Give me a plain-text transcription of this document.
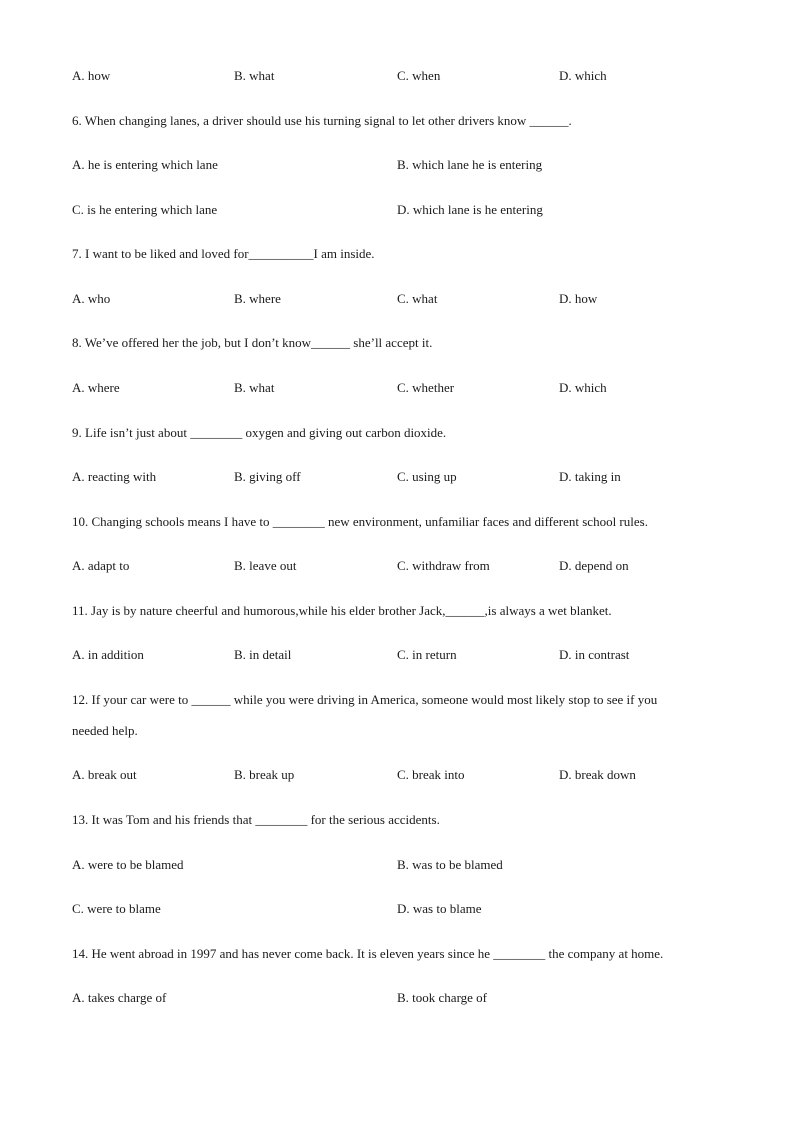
A. how	B. what	C. when	D. which
6. When changing lanes, a driver should use his turning signal to let other drivers know ______.
A. he is entering which lane	B. which lane he is entering
C. is he entering which lane	D. which lane is he entering
7. I want to be liked and loved for__________I am inside.
A. who	B. where	C. what	D. how
8. We’ve offered her the job, but I don’t know______ she’ll accept it.
A. where	B. what	C. whether	D. which
9. Life isn’t just about ________ oxygen and giving out carbon dioxide.
A. reacting with	B. giving off	C. using up	D. taking in
10. Changing schools means I have to ________ new environment, unfamiliar faces and different school rules.
A. adapt to	B. leave out	C. withdraw from	D. depend on
11. Jay is by nature cheerful and humorous,while his elder brother Jack,______,is always a wet blanket.
A. in addition	B. in detail	C. in return	D. in contrast
12. If your car were to ______ while you were driving in America, someone would most likely stop to see if you
needed help.
A. break out	B. break up	C. break into	D. break down
13. It was Tom and his friends that ________ for the serious accidents.
A. were to be blamed	B. was to be blamed
C. were to blame	D. was to blame
14. He went abroad in 1997 and has never come back. It is eleven years since he ________ the company at home.
A. takes charge of	B. took charge of
